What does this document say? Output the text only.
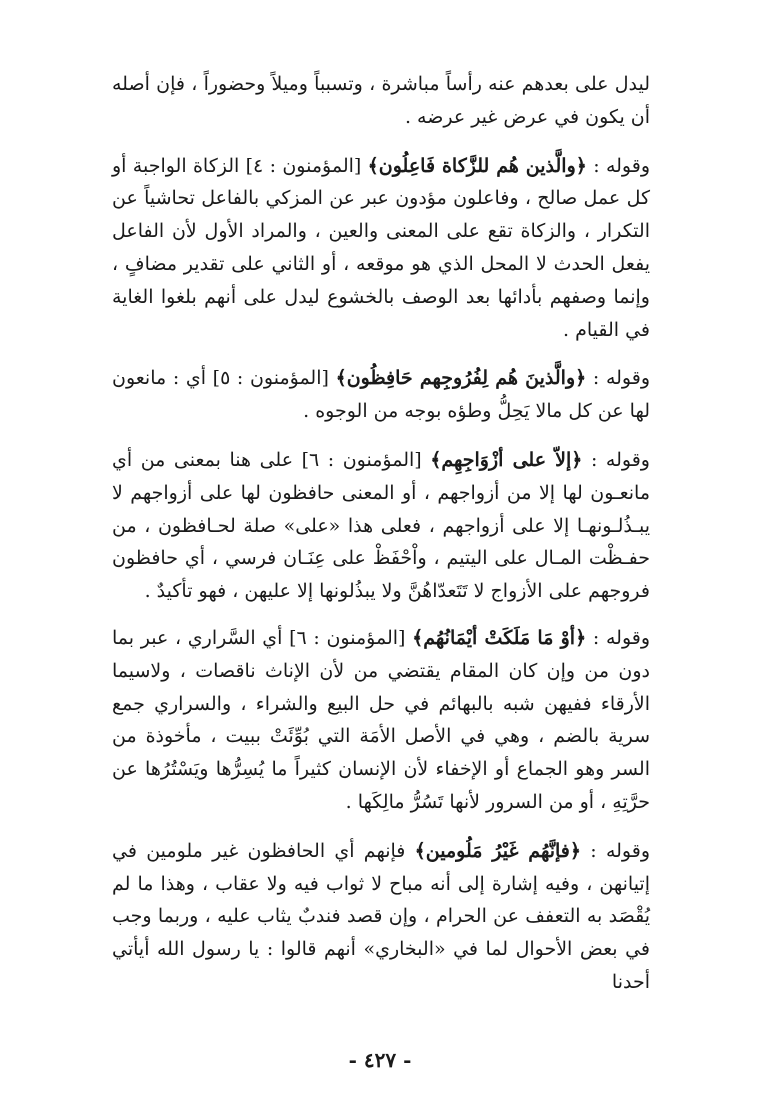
ليدل على بعدهم عنه رأساً مباشرة ، وتسبباً وميلاً وحضوراً ، فإن أصله أن يكون في عرض غير عرضه .

وقوله : ﴿والَّذين هُم للزَّكاة فَاعِلُون﴾ [المؤمنون : ٤] الزكاة الواجبة أو كل عمل صالح ، وفاعلون مؤدون عبر عن المزكي بالفاعل تحاشياً عن التكرار ، والزكاة تقع على المعنى والعين ، والمراد الأول لأن الفاعل يفعل الحدث لا المحل الذي هو موقعه ، أو الثاني على تقدير مضافٍ ، وإنما وصفهم بأدائها بعد الوصف بالخشوع ليدل على أنهم بلغوا الغاية في القيام .

وقوله : ﴿والَّذينَ هُم لِفُرُوجِهم حَافِظُون﴾ [المؤمنون : ٥] أي : مانعون لها عن كل مالا يَحِلُّ وطؤه بوجه من الوجوه .

وقوله : ﴿إلاّ على أزْوَاجِهِم﴾ [المؤمنون : ٦] على هنا بمعنى من أي مانعـون لها إلا من أزواجهم ، أو المعنى حافظون لها على أزواجهم لا يبـذُلـونهـا إلا على أزواجهم ، فعلى هذا «على» صلة لحـافظون ، من حفـظْت المـال على اليتيم ، واْحْفَظْ على عِنَـان فرسي ، أي حافظون فروجهم على الأزواج لا تَتَعدّاهُنَّ ولا يبذُلونها إلا عليهن ، فهو تأكيدٌ .

وقوله : ﴿أوْ مَا مَلَكَتْ أيْمَانُهُم﴾ [المؤمنون : ٦] أي السَّراري ، عبر بما دون من وإن كان المقام يقتضي من لأن الإناث ناقصات ، ولاسيما الأرقاء ففيهن شبه بالبهائم في حل البيع والشراء ، والسراري جمع سرية بالضم ، وهي في الأصل الأمَة التي بُوِّئَتْ ببيت ، مأخوذة من السر وهو الجماع أو الإخفاء لأن الإنسان كثيراً ما يُسِرُّها ويَسْتُرُها عن حرَّتِهِ ، أو من السرور لأنها تَسُرُّ مالِكَها .

وقوله : ﴿فإنَّهُم غَيْرُ مَلُومين﴾ فإنهم أي الحافظون غير ملومين في إتيانهن ، وفيه إشارة إلى أنه مباح لا ثواب فيه ولا عقاب ، وهذا ما لم يُقْصَد به التعفف عن الحرام ، وإن قصد فندبٌ يثاب عليه ، وربما وجب في بعض الأحوال لما في «البخاري» أنهم قالوا : يا رسول الله أيأتي أحدنا

- ٤٢٧ -
